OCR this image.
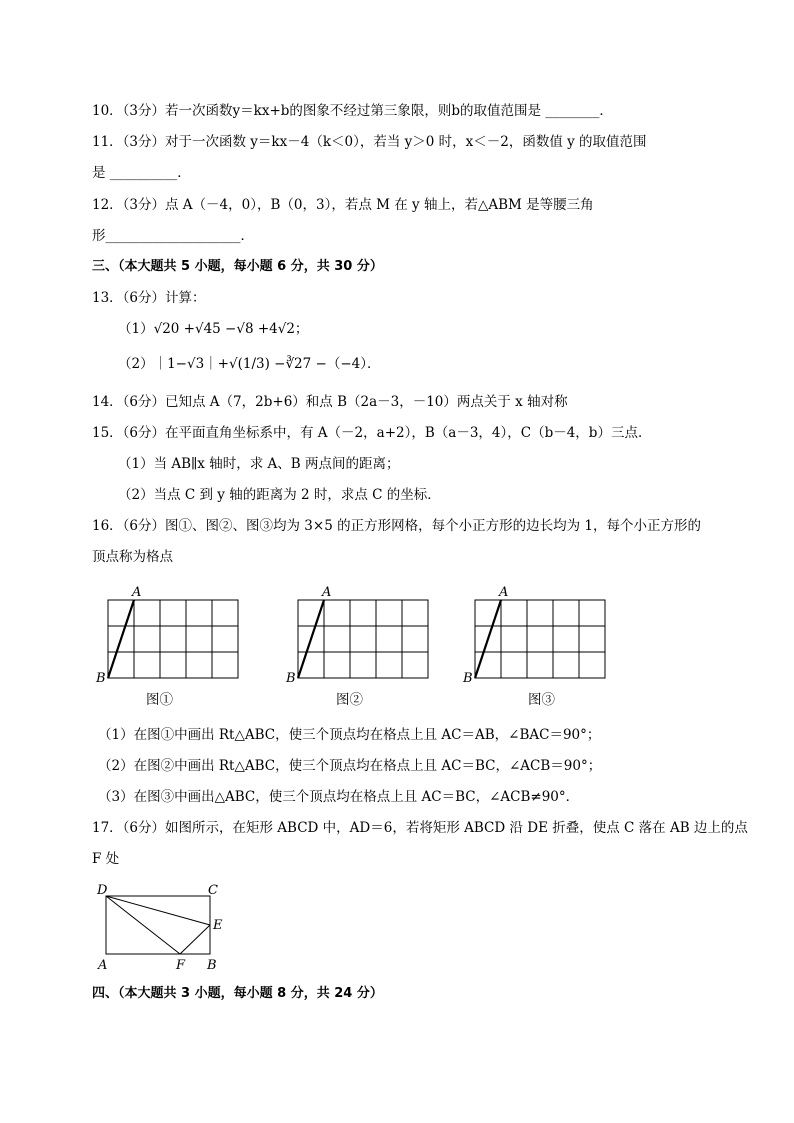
10．（3分）若一次函数y＝kx+b的图象不经过第三象限，则b的取值范围是 ________．
11．（3分）对于一次函数 y＝kx－4（k＜0），若当 y＞0 时，x＜－2，函数值 y 的取值范围
是 __________．
12．（3分）点 A（－4，0），B（0，3），若点 M 在 y 轴上，若△ABM 是等腰三角
形____________________．
三、（本大题共 5 小题，每小题 6 分，共 30 分）
13．（6分）计算：
（1）√20 +√45 −√8 +4√2；
（2）｜1−√3｜+√(1/3) −∛27 −（−4）．
14．（6分）已知点 A（7，2b+6）和点 B（2a－3，－10）两点关于 x 轴对称
15．（6分）在平面直角坐标系中，有 A（－2，a+2），B（a－3，4），C（b－4，b）三点．
（1）当 AB∥x 轴时，求 A、B 两点间的距离；
（2）当点 C 到 y 轴的距离为 2 时，求点 C 的坐标．
16．（6分）图①、图②、图③均为 3×5 的正方形网格，每个小正方形的边长均为 1，每个小正方形的
顶点称为格点
A
B
A
B
A
B
图①	图②	图③
（1）在图①中画出 Rt△ABC，使三个顶点均在格点上且 AC＝AB，∠BAC＝90°；
（2）在图②中画出 Rt△ABC，使三个顶点均在格点上且 AC＝BC，∠ACB＝90°；
（3）在图③中画出△ABC，使三个顶点均在格点上且 AC＝BC，∠ACB≠90°．
17．（6分）如图所示，在矩形 ABCD 中，AD＝6，若将矩形 ABCD 沿 DE 折叠，使点 C 落在 AB 边上的点
F 处
D	C
E
A	F B
四、（本大题共 3 小题，每小题 8 分，共 24 分）
